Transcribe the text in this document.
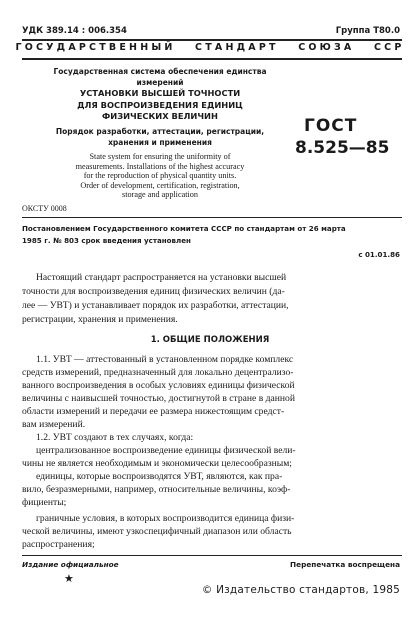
УДК 389.14 : 006.354	Группа Т80.0
ГОСУДАРСТВЕННЫЙ   СТАНДАРТ   СОЮЗА   ССР
Государственная система обеспечения единства
измерений
УСТАНОВКИ ВЫСШЕЙ ТОЧНОСТИ
ДЛЯ ВОСПРОИЗВЕДЕНИЯ ЕДИНИЦ
ФИЗИЧЕСКИХ ВЕЛИЧИН
Порядок разработки, аттестации, регистрации,
хранения и применения
State system for ensuring the uniformity of
measurements. Installations of the highest accuracy
for the reproduction of physical quantity units.
Order of development, certification, registration,
storage and application
ГОСТ
8.525—85
ОКСТУ 0008
Постановлением Государственного комитета СССР по стандартам от 26 марта
1985 г. № 803 срок введения установлен
с 01.01.86

Настоящий стандарт распространяется на установки высшей

точности для воспроизведения единиц физических величин (да-

лее — УВТ) и устанавливает порядок их разработки, аттестации,

регистрации, хранения и применения.

1. ОБЩИЕ ПОЛОЖЕНИЯ

1.1. УВТ — аттестованный в установленном порядке комплекс

средств измерений, предназначенный для локально децентрализо-

ванного воспроизведения в особых условиях единицы физической

величины с наивысшей точностью, достигнутой в стране в данной

области измерений и передачи ее размера нижестоящим средст-

вам измерений.

1.2. УВТ создают в тех случаях, когда:

централизованное воспроизведение единицы физической вели-

чины не является необходимым и экономически целесообразным;

единицы, которые воспроизводятся УВТ, являются, как пра-

вило, безразмерными, например, относительные величины, коэф-

фициенты;

граничные условия, в которых воспроизводится единица физи-

ческой величины, имеют узкоспецифичный диапазон или область

распространения;

Издание официальное
★
Перепечатка воспрещена
© Издательство стандартов, 1985
